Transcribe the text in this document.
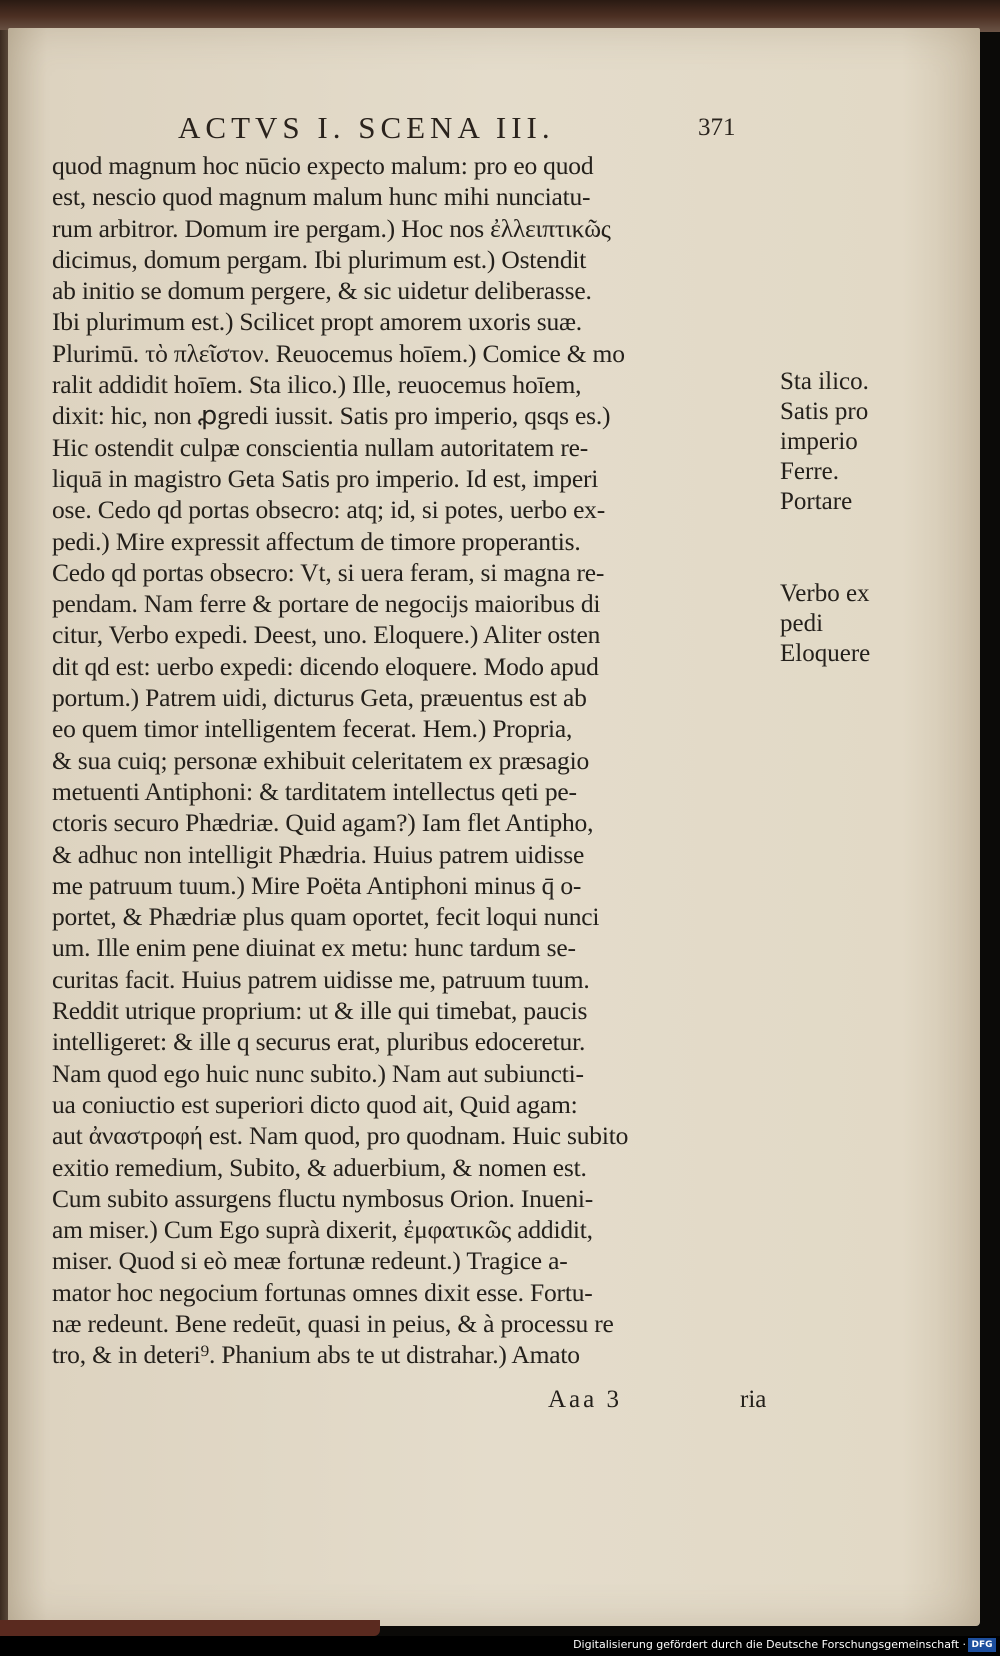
ACTVS I. SCENA III.	371
quod magnum hoc nūcio expecto malum: pro eo quod
est, nescio quod magnum malum hunc mihi nunciatu-
rum arbitror. Domum ire pergam.) Hoc nos ἐλλειπτικῶς
dicimus, domum pergam. Ibi plurimum est.) Ostendit
ab initio se domum pergere, & sic uidetur deliberasse.
Ibi plurimum est.) Scilicet propt amorem uxoris suæ.
Plurimū. τὸ πλεῖστον. Reuocemus hoīem.) Comice & mo
ralit addidit hoīem. Sta ilico.) Ille, reuocemus hoīem,
dixit: hic, non ꝓgredi iussit. Satis pro imperio, qsqs es.)
Hic ostendit culpæ conscientia nullam autoritatem re-
liquā in magistro Geta Satis pro imperio. Id est, imperi
ose. Cedo qd portas obsecro: atq; id, si potes, uerbo ex-
pedi.) Mire expressit affectum de timore properantis.
Cedo qd portas obsecro: Vt, si uera feram, si magna re-
pendam. Nam ferre & portare de negocijs maioribus di
citur, Verbo expedi. Deest, uno. Eloquere.) Aliter osten
dit qd est: uerbo expedi: dicendo eloquere. Modo apud
portum.) Patrem uidi, dicturus Geta, præuentus est ab
eo quem timor intelligentem fecerat. Hem.) Propria,
& sua cuiq; personæ exhibuit celeritatem ex præsagio
metuenti Antiphoni: & tarditatem intellectus qeti pe-
ctoris securo Phædriæ. Quid agam?) Iam flet Antipho,
& adhuc non intelligit Phædria. Huius patrem uidisse
me patruum tuum.) Mire Poëta Antiphoni minus q̄ o-
portet, & Phædriæ plus quam oportet, fecit loqui nunci
um. Ille enim pene diuinat ex metu: hunc tardum se-
curitas facit. Huius patrem uidisse me, patruum tuum.
Reddit utrique proprium: ut & ille qui timebat, paucis
intelligeret: & ille q securus erat, pluribus edoceretur.
Nam quod ego huic nunc subito.) Nam aut subiuncti-
ua coniuctio est superiori dicto quod ait, Quid agam:
aut ἀναστροφή est. Nam quod, pro quodnam. Huic subito
exitio remedium, Subito, & aduerbium, & nomen est.
Cum subito assurgens fluctu nymbosus Orion. Inueni-
am miser.) Cum Ego suprà dixerit, ἐμφατικῶς addidit,
miser. Quod si eò meæ fortunæ redeunt.) Tragice a-
mator hoc negocium fortunas omnes dixit esse. Fortu-
næ redeunt. Bene redeūt, quasi in peius, & à processu re
tro, & in deteri⁹. Phanium abs te ut distrahar.) Amato
Sta ilico.
Satis pro
imperio
Ferre.
Portare
Verbo ex
pedi
Eloquere
Aaa 3	ria
Digitalisierung gefördert durch die Deutsche Forschungsgemeinschaft · DFG
